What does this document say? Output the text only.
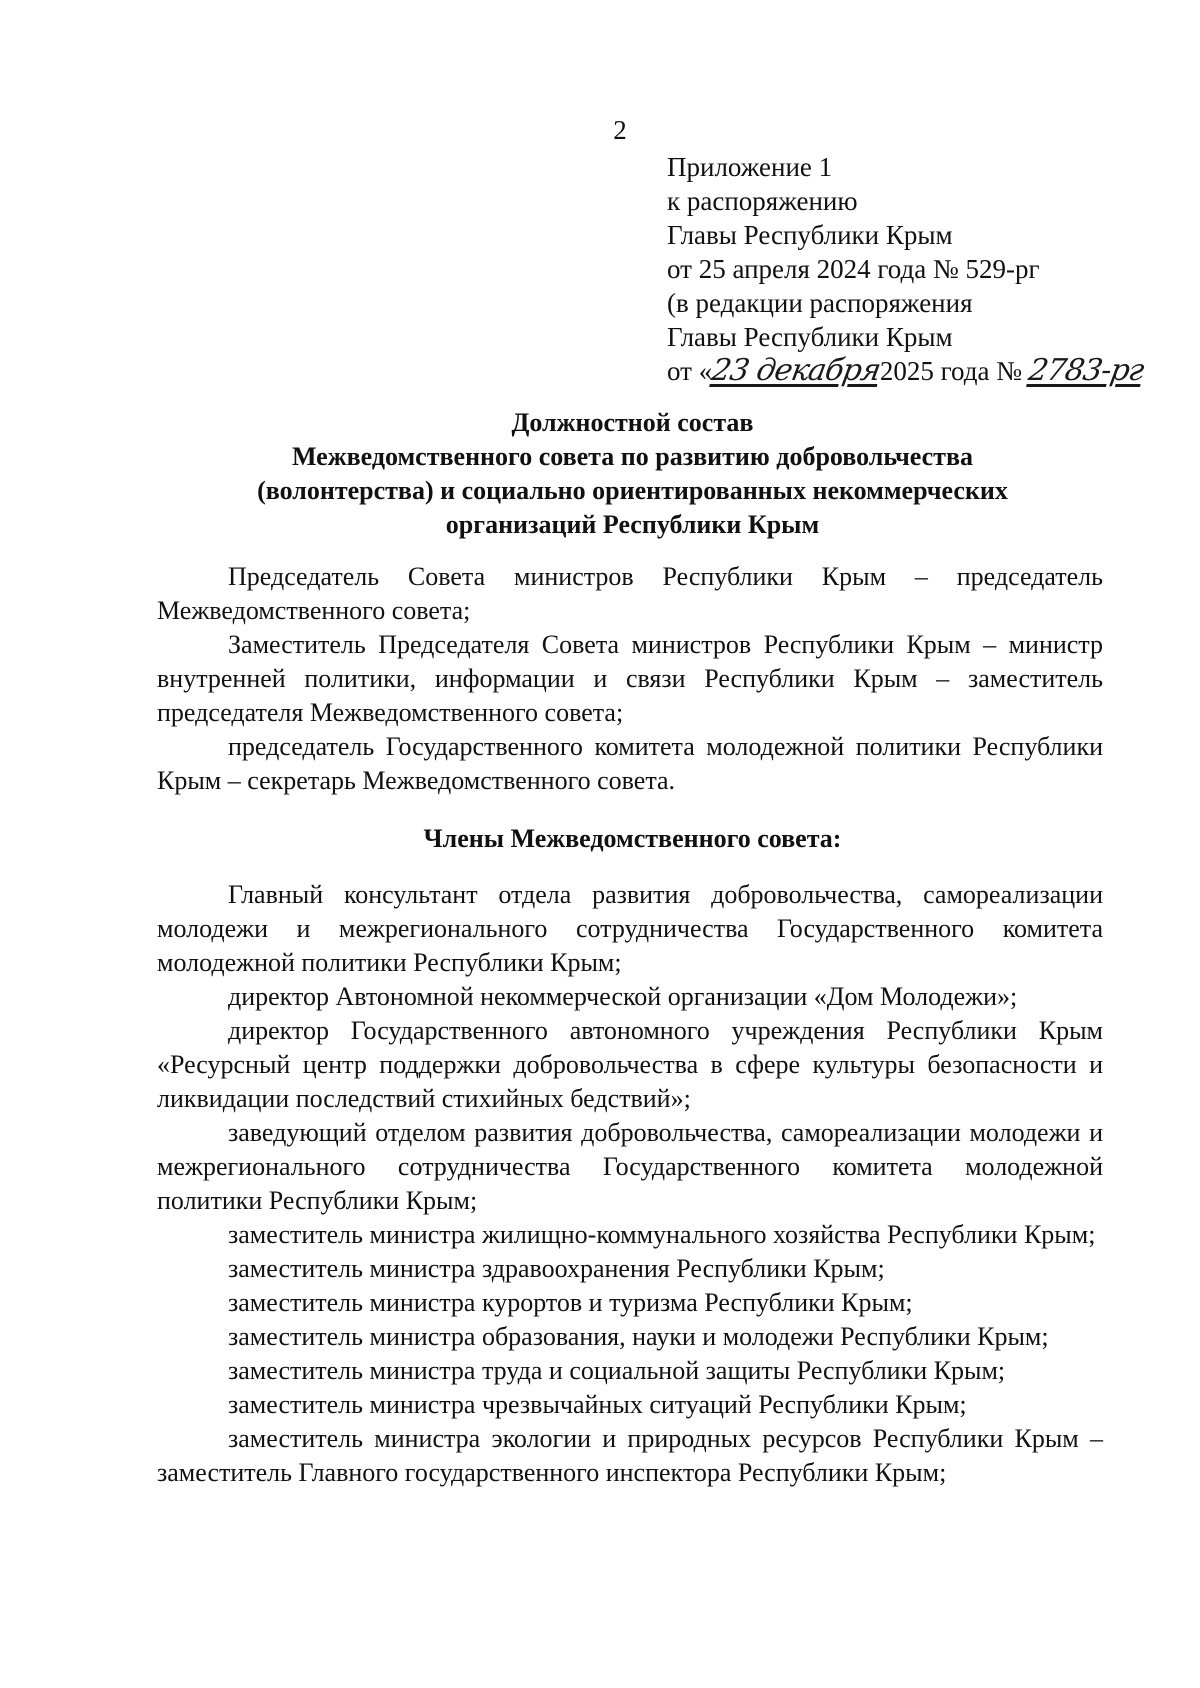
2
Приложение 1
к распоряжению
Главы Республики Крым
от 25 апреля 2024 года № 529-рг
(в редакции распоряжения
Главы Республики Крым
от «23 декабря2025 года № 2783-рг
Должностной состав
Межведомственного совета по развитию добровольчества
(волонтерства) и социально ориентированных некоммерческих
организаций Республики Крым

Председатель Совета министров Республики Крым – председатель Межведомственного совета;

Заместитель Председателя Совета министров Республики Крым – министр внутренней политики, информации и связи Республики Крым – заместитель председателя Межведомственного совета;

председатель Государственного комитета молодежной политики Республики Крым – секретарь Межведомственного совета.

Члены Межведомственного совета:

Главный консультант отдела развития добровольчества, самореализации молодежи и межрегионального сотрудничества Государственного комитета молодежной политики Республики Крым;

директор Автономной некоммерческой организации «Дом Молодежи»;

директор Государственного автономного учреждения Республики Крым «Ресурсный центр поддержки добровольчества в сфере культуры безопасности и ликвидации последствий стихийных бедствий»;

заведующий отделом развития добровольчества, самореализации молодежи и межрегионального сотрудничества Государственного комитета молодежной политики Республики Крым;

заместитель министра жилищно-коммунального хозяйства Республики Крым;

заместитель министра здравоохранения Республики Крым;

заместитель министра курортов и туризма Республики Крым;

заместитель министра образования, науки и молодежи Республики Крым;

заместитель министра труда и социальной защиты Республики Крым;

заместитель министра чрезвычайных ситуаций Республики Крым;

заместитель министра экологии и природных ресурсов Республики Крым – заместитель Главного государственного инспектора Республики Крым;
